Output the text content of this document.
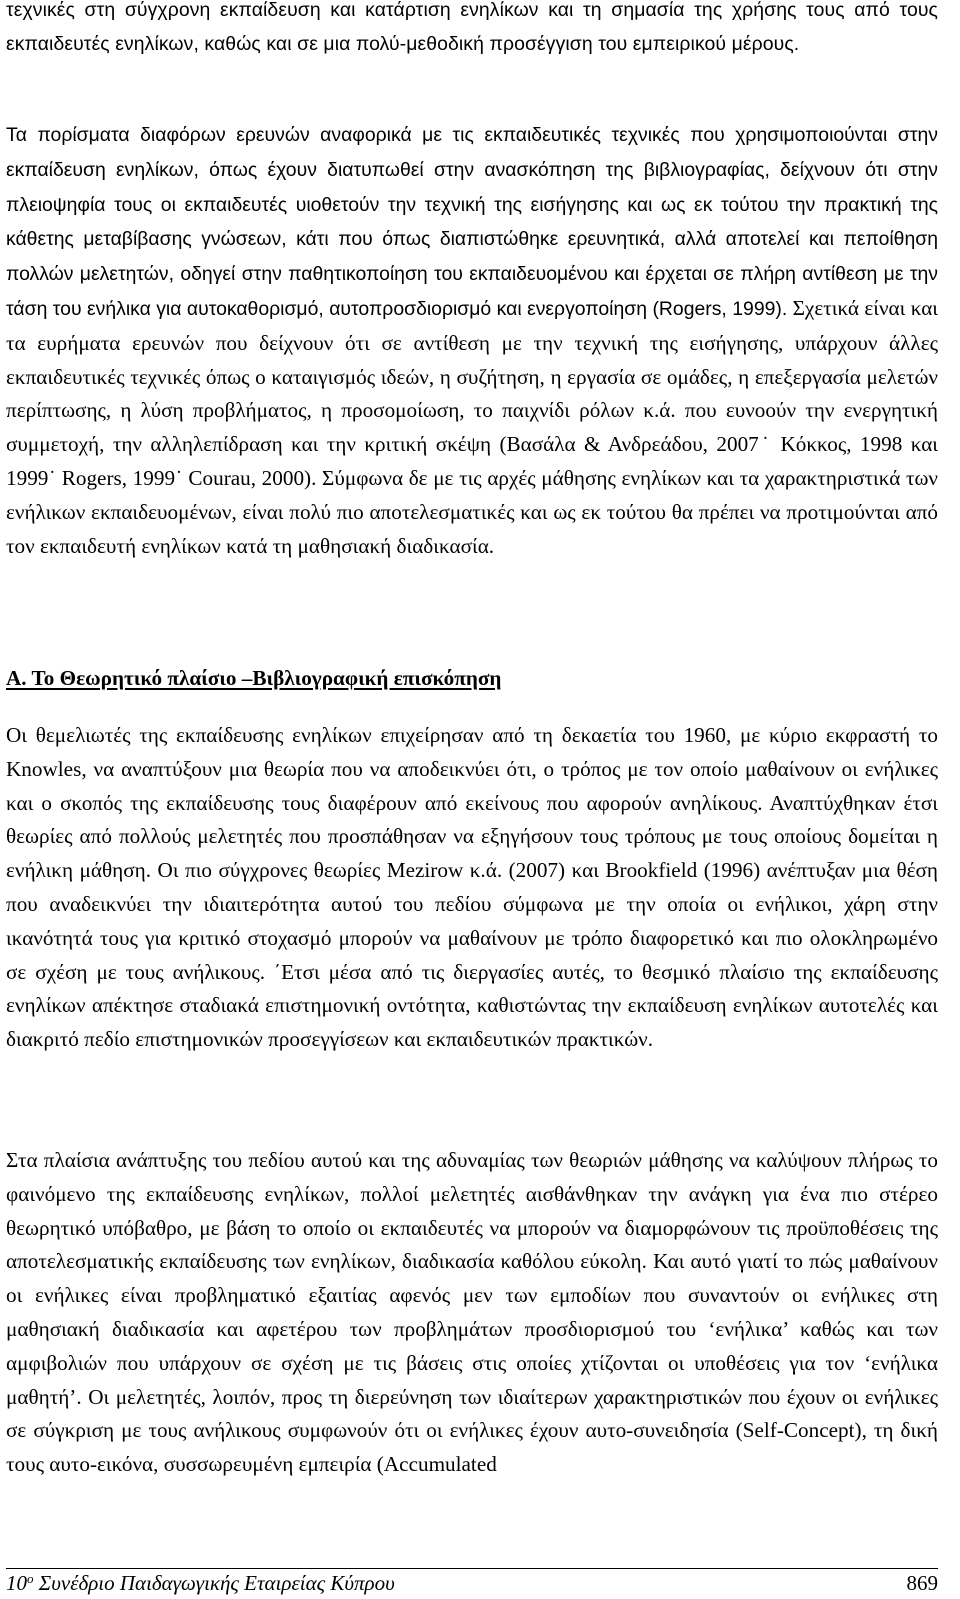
τεχνικές στη σύγχρονη εκπαίδευση και κατάρτιση ενηλίκων και τη σημασία της χρήσης τους από τους εκπαιδευτές ενηλίκων, καθώς και σε μια πολύ-μεθοδική προσέγγιση του εμπειρικού μέρους.

Τα πορίσματα διαφόρων ερευνών αναφορικά με τις εκπαιδευτικές τεχνικές που χρησιμοποιούνται στην εκπαίδευση ενηλίκων, όπως έχουν διατυπωθεί στην ανασκόπηση της βιβλιογραφίας, δείχνουν ότι στην πλειοψηφία τους οι εκπαιδευτές υιοθετούν την τεχνική της εισήγησης και ως εκ τούτου την πρακτική της κάθετης μεταβίβασης γνώσεων, κάτι που όπως διαπιστώθηκε ερευνητικά, αλλά αποτελεί και πεποίθηση πολλών μελετητών, οδηγεί στην παθητικοποίηση του εκπαιδευομένου και έρχεται σε πλήρη αντίθεση με την τάση του ενήλικα για αυτοκαθορισμό, αυτοπροσδιορισμό και ενεργοποίηση (Rogers, 1999). Σχετικά είναι και τα ευρήματα ερευνών που δείχνουν ότι σε αντίθεση με την τεχνική της εισήγησης, υπάρχουν άλλες εκπαιδευτικές τεχνικές όπως ο καταιγισμός ιδεών, η συζήτηση, η εργασία σε ομάδες, η επεξεργασία μελετών περίπτωσης, η λύση προβλήματος, η προσομοίωση, το παιχνίδι ρόλων κ.ά. που ευνοούν την ενεργητική συμμετοχή, την αλληλεπίδραση και την κριτική σκέψη (Βασάλα & Ανδρεάδου, 2007˙ Κόκκος, 1998 και 1999˙ Rogers, 1999˙ Courau, 2000). Σύμφωνα δε με τις αρχές μάθησης ενηλίκων και τα χαρακτηριστικά των ενήλικων εκπαιδευομένων, είναι πολύ πιο αποτελεσματικές και ως εκ τούτου θα πρέπει να προτιμούνται από τον εκπαιδευτή ενηλίκων κατά τη μαθησιακή διαδικασία.

Α. Το Θεωρητικό πλαίσιο –Βιβλιογραφική επισκόπηση

Οι θεμελιωτές της εκπαίδευσης ενηλίκων επιχείρησαν από τη δεκαετία του 1960, με κύριο εκφραστή το Knowles, να αναπτύξουν μια θεωρία που να αποδεικνύει ότι, ο τρόπος με τον οποίο μαθαίνουν οι ενήλικες και ο σκοπός της εκπαίδευσης τους διαφέρουν από εκείνους που αφορούν ανηλίκους. Αναπτύχθηκαν έτσι θεωρίες από πολλούς μελετητές που προσπάθησαν να εξηγήσουν τους τρόπους με τους οποίους δομείται η ενήλικη μάθηση. Οι πιο σύγχρονες θεωρίες Mezirow κ.ά. (2007) και Brookfield (1996) ανέπτυξαν μια θέση που αναδεικνύει την ιδιαιτερότητα αυτού του πεδίου σύμφωνα με την οποία οι ενήλικοι, χάρη στην ικανότητά τους για κριτικό στοχασμό μπορούν να μαθαίνουν με τρόπο διαφορετικό και πιο ολοκληρωμένο σε σχέση με τους ανήλικους. ΄Ετσι μέσα από τις διεργασίες αυτές, το θεσμικό πλαίσιο της εκπαίδευσης ενηλίκων απέκτησε σταδιακά επιστημονική οντότητα, καθιστώντας την εκπαίδευση ενηλίκων αυτοτελές και διακριτό πεδίο επιστημονικών προσεγγίσεων και εκπαιδευτικών πρακτικών.

Στα πλαίσια ανάπτυξης του πεδίου αυτού και της αδυναμίας των θεωριών μάθησης να καλύψουν πλήρως το φαινόμενο της εκπαίδευσης ενηλίκων, πολλοί μελετητές αισθάνθηκαν την ανάγκη για ένα πιο στέρεο θεωρητικό υπόβαθρο, με βάση το οποίο οι εκπαιδευτές να μπορούν να διαμορφώνουν τις προϋποθέσεις της αποτελεσματικής εκπαίδευσης των ενηλίκων, διαδικασία καθόλου εύκολη. Και αυτό γιατί το πώς μαθαίνουν οι ενήλικες είναι προβληματικό εξαιτίας αφενός μεν των εμποδίων που συναντούν οι ενήλικες στη μαθησιακή διαδικασία και αφετέρου των προβλημάτων προσδιορισμού του ‘ενήλικα’ καθώς και των αμφιβολιών που υπάρχουν σε σχέση με τις βάσεις στις οποίες χτίζονται οι υποθέσεις για τον ‘ενήλικα μαθητή’. Οι μελετητές, λοιπόν, προς τη διερεύνηση των ιδιαίτερων χαρακτηριστικών που έχουν οι ενήλικες σε σύγκριση με τους ανήλικους συμφωνούν ότι οι ενήλικες έχουν αυτο-συνειδησία (Self-Concept), τη δική τους αυτο-εικόνα, συσσωρευμένη εμπειρία (Accumulated

$10^o$ Συνέδριο Παιδαγωγικής Εταιρείας Κύπρου	869
